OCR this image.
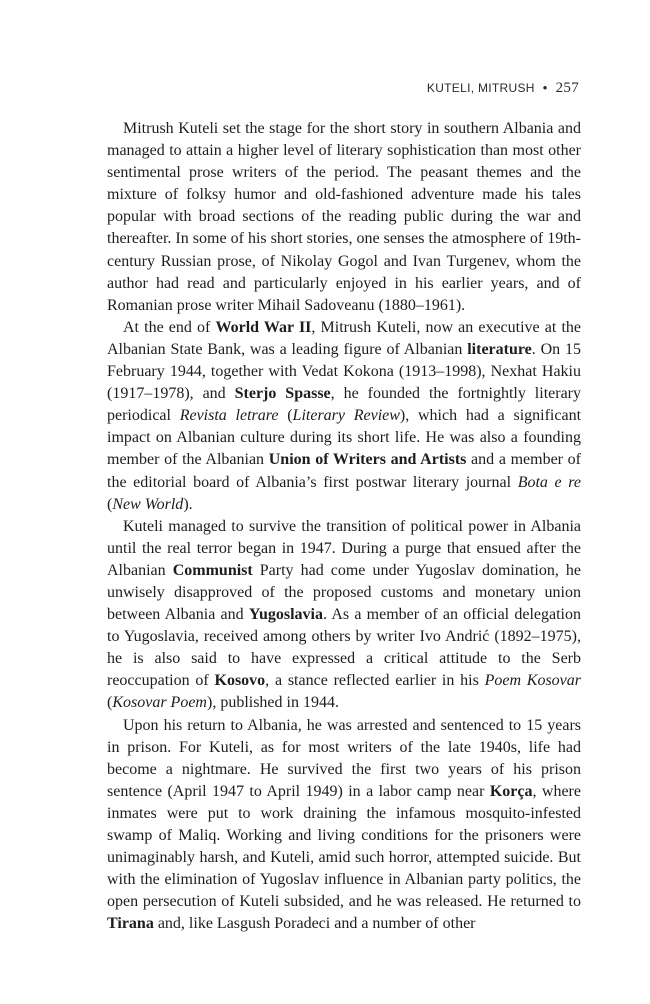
KUTELI, MITRUSH • 257

Mitrush Kuteli set the stage for the short story in southern Albania and managed to attain a higher level of literary sophistication than most other sentimental prose writers of the period. The peasant themes and the mixture of folksy humor and old-fashioned adventure made his tales popular with broad sections of the reading public during the war and thereafter. In some of his short stories, one senses the atmosphere of 19th-century Russian prose, of Nikolay Gogol and Ivan Turgenev, whom the author had read and particularly enjoyed in his earlier years, and of Romanian prose writer Mihail Sadoveanu (1880–1961).

At the end of World War II, Mitrush Kuteli, now an executive at the Albanian State Bank, was a leading figure of Albanian literature. On 15 February 1944, together with Vedat Kokona (1913–1998), Nexhat Hakiu (1917–1978), and Sterjo Spasse, he founded the fortnightly literary periodical Revista letrare (Literary Review), which had a significant impact on Albanian culture during its short life. He was also a founding member of the Albanian Union of Writers and Artists and a member of the editorial board of Albania’s first postwar literary journal Bota e re (New World).

Kuteli managed to survive the transition of political power in Albania until the real terror began in 1947. During a purge that ensued after the Albanian Communist Party had come under Yugoslav domination, he unwisely disapproved of the proposed customs and monetary union between Albania and Yugoslavia. As a member of an official delegation to Yugoslavia, received among others by writer Ivo Andrić (1892–1975), he is also said to have expressed a critical attitude to the Serb reoccupation of Kosovo, a stance reflected earlier in his Poem Kosovar (Kosovar Poem), published in 1944.

Upon his return to Albania, he was arrested and sentenced to 15 years in prison. For Kuteli, as for most writers of the late 1940s, life had become a nightmare. He survived the first two years of his prison sentence (April 1947 to April 1949) in a labor camp near Korça, where inmates were put to work draining the infamous mosquito-infested swamp of Maliq. Working and living conditions for the prisoners were unimaginably harsh, and Kuteli, amid such horror, attempted suicide. But with the elimination of Yugoslav influence in Albanian party politics, the open persecution of Kuteli subsided, and he was released. He returned to Tirana and, like Lasgush Poradeci and a number of other
